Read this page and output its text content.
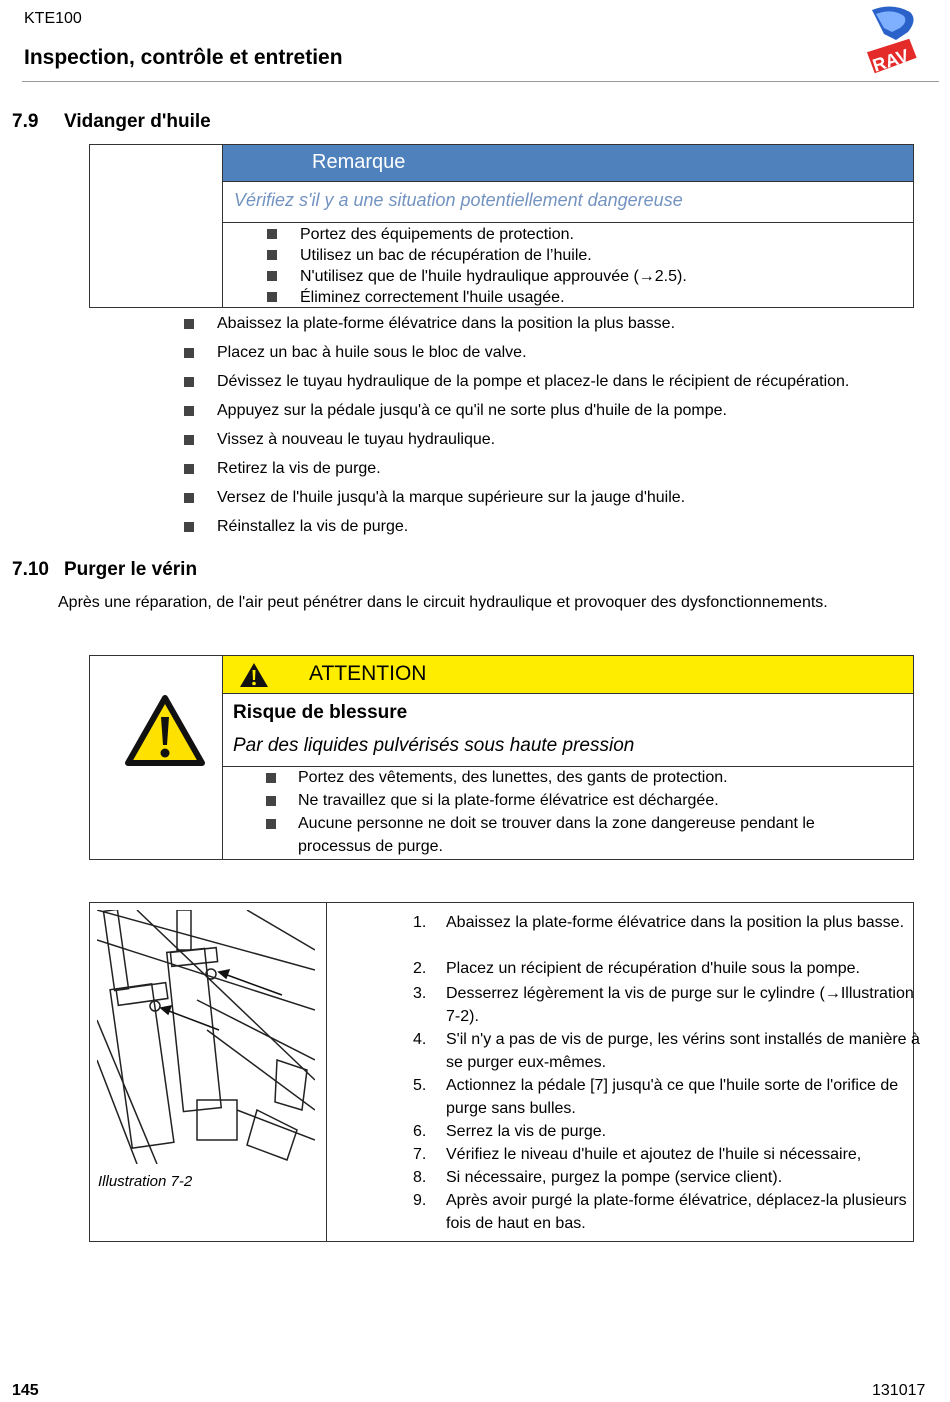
KTE100
Inspection, contrôle et entretien	RAV
7.9 Vidanger d'huile
Remarque
Vérifiez s'il y a une situation potentiellement dangereuse
Portez des équipements de protection.
Utilisez un bac de récupération de l’huile.
N'utilisez que de l'huile hydraulique approuvée (→2.5).
Éliminez correctement l'huile usagée.
Abaissez la plate-forme élévatrice dans la position la plus basse.
Placez un bac à huile sous le bloc de valve.
Dévissez le tuyau hydraulique de la pompe et placez-le dans le récipient de récupération.
Appuyez sur la pédale jusqu'à ce qu'il ne sorte plus d'huile de la pompe.
Vissez à nouveau le tuyau hydraulique.
Retirez la vis de purge.
Versez de l'huile jusqu'à la marque supérieure sur la jauge d'huile.
Réinstallez la vis de purge.
7.10 Purger le vérin
Après une réparation, de l'air peut pénétrer dans le circuit hydraulique et provoquer des dysfonctionnements.
ATTENTION
Risque de blessure
Par des liquides pulvérisés sous haute pression
Portez des vêtements, des lunettes, des gants de protection.
Ne travaillez que si la plate-forme élévatrice est déchargée.
Aucune personne ne doit se trouver dans la zone dangereuse pendant le
processus de purge.
Illustration 7-2
1. Abaissez la plate-forme élévatrice dans la position la plus basse.
2. Placez un récipient de récupération d'huile sous la pompe.
3. Desserrez légèrement la vis de purge sur le cylindre (→Illustration 7-2).
4. S'il n'y a pas de vis de purge, les vérins sont installés de manière à se purger eux-mêmes.
5. Actionnez la pédale [7] jusqu'à ce que l'huile sorte de l'orifice de purge sans bulles.
6. Serrez la vis de purge.
7. Vérifiez le niveau d'huile et ajoutez de l'huile si nécessaire,
8. Si nécessaire, purgez la pompe (service client).
9. Après avoir purgé la plate-forme élévatrice, déplacez-la plusieurs fois de haut en bas.
145	131017
